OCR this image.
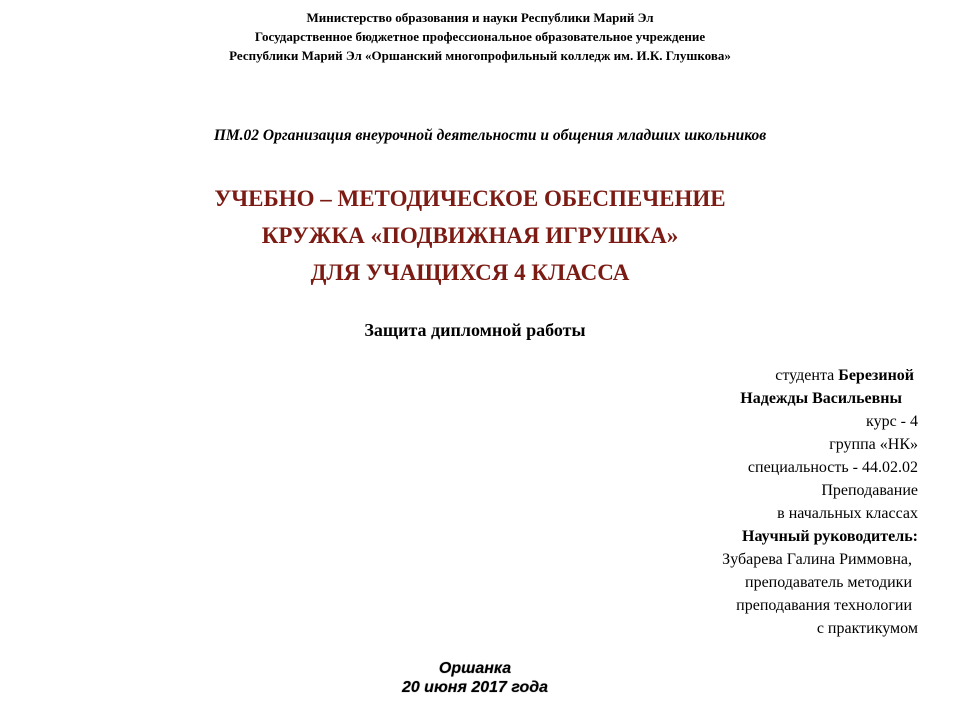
Министерство образования и науки Республики Марий Эл
Государственное бюджетное профессиональное образовательное учреждение
Республики Марий Эл «Оршанский многопрофильный колледж им. И.К. Глушкова»
ПМ.02 Организация внеурочной деятельности и общения младших школьников
УЧЕБНО – МЕТОДИЧЕСКОЕ ОБЕСПЕЧЕНИЕ
КРУЖКА «ПОДВИЖНАЯ ИГРУШКА»
ДЛЯ УЧАЩИХСЯ 4 КЛАССА
Защита дипломной работы
студента Березиной
Надежды Васильевны
курс - 4
группа «НК»
специальность - 44.02.02
Преподавание
в начальных классах
Научный руководитель:
Зубарева Галина Риммовна,
преподаватель методики
преподавания технологии
с практикумом
Оршанка
20 июня 2017 года
